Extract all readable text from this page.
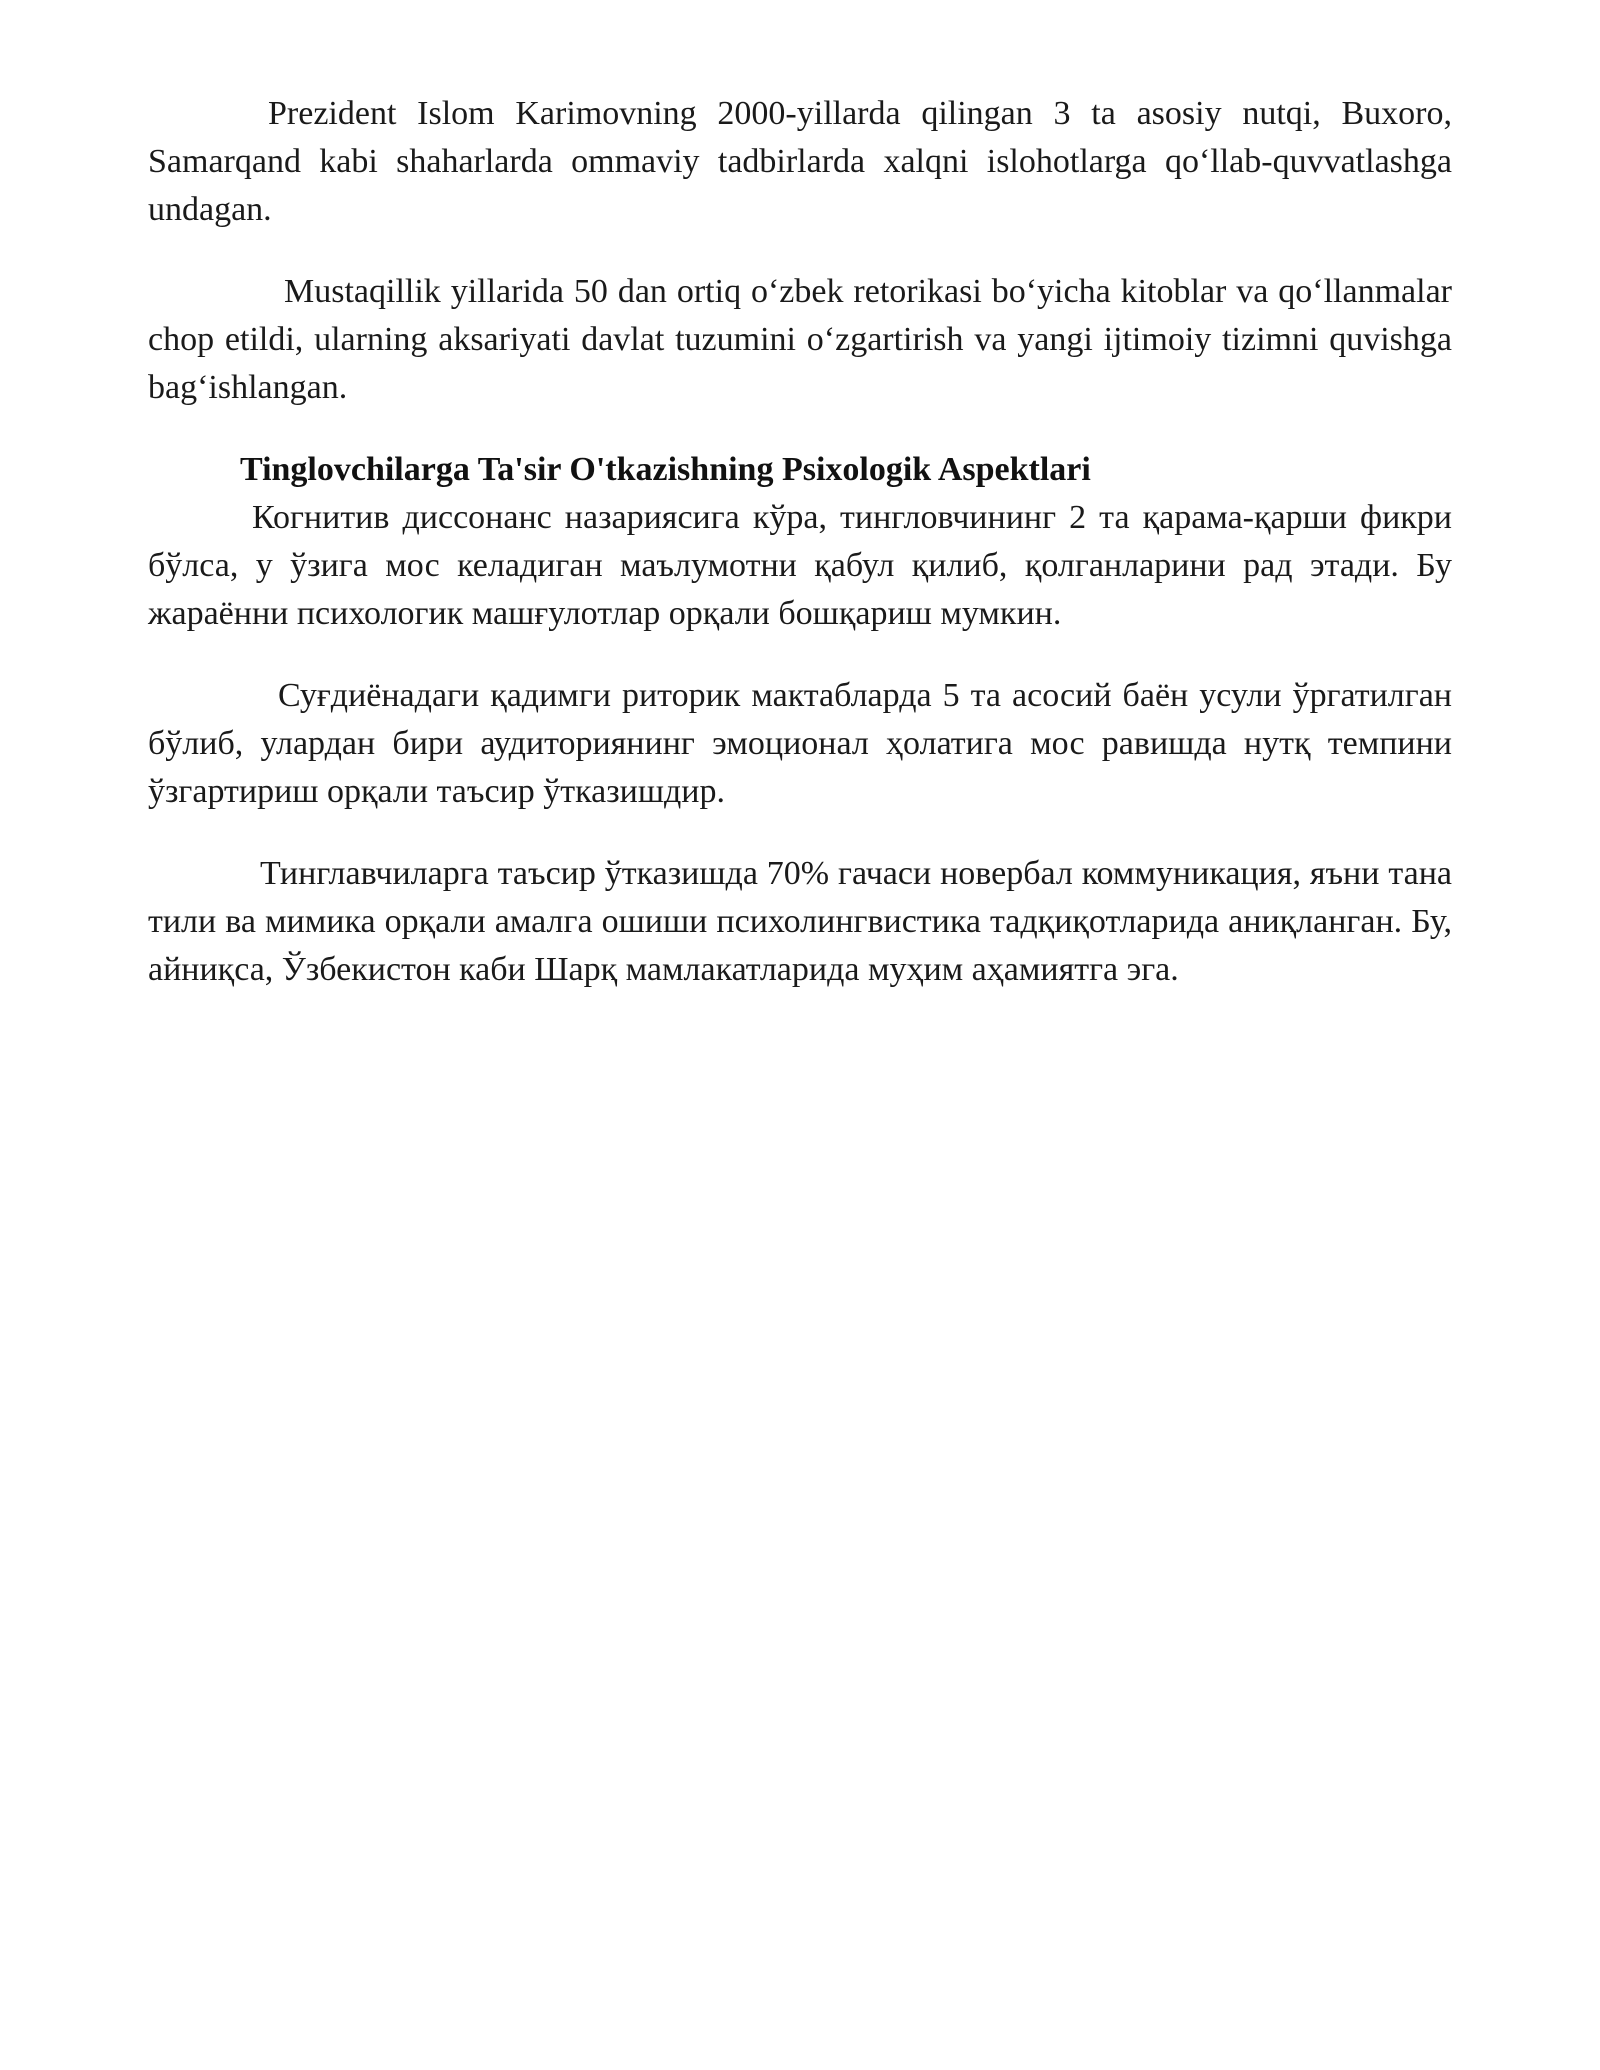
Prezident Islom Karimovning 2000-yillarda qilingan 3 ta asosiy nutqi, Buxoro, Samarqand kabi shaharlarda ommaviy tadbirlarda xalqni islohotlarga qo‘llab-quvvatlashga undagan.

Mustaqillik yillarida 50 dan ortiq o‘zbek retorikasi bo‘yicha kitoblar va qo‘llanmalar chop etildi, ularning aksariyati davlat tuzumini o‘zgartirish va yangi ijtimoiy tizimni quvishga bag‘ishlangan.

Tinglovchilarga Ta'sir O'tkazishning Psixologik Aspektlari

Когнитив диссонанс назариясига кўра, тингловчининг 2 та қарама-қарши фикри бўлса, у ўзига мос келадиган маълумотни қабул қилиб, қолганларини рад этади. Бу жараённи психологик машғулотлар орқали бошқариш мумкин.

Суғдиёнадаги қадимги риторик мактабларда 5 та асосий баён усули ўргатилган бўлиб, улардан бири аудиториянинг эмоционал ҳолатига мос равишда нутқ темпини ўзгартириш орқали таъсир ўтказишдир.

Тинглавчиларга таъсир ўтказишда 70% гачаси новербал коммуникация, яъни тана тили ва мимика орқали амалга ошиши психолингвистика тадқиқотларида аниқланган. Бу, айниқса, Ўзбекистон каби Шарқ мамлакатларида муҳим аҳамиятга эга.
